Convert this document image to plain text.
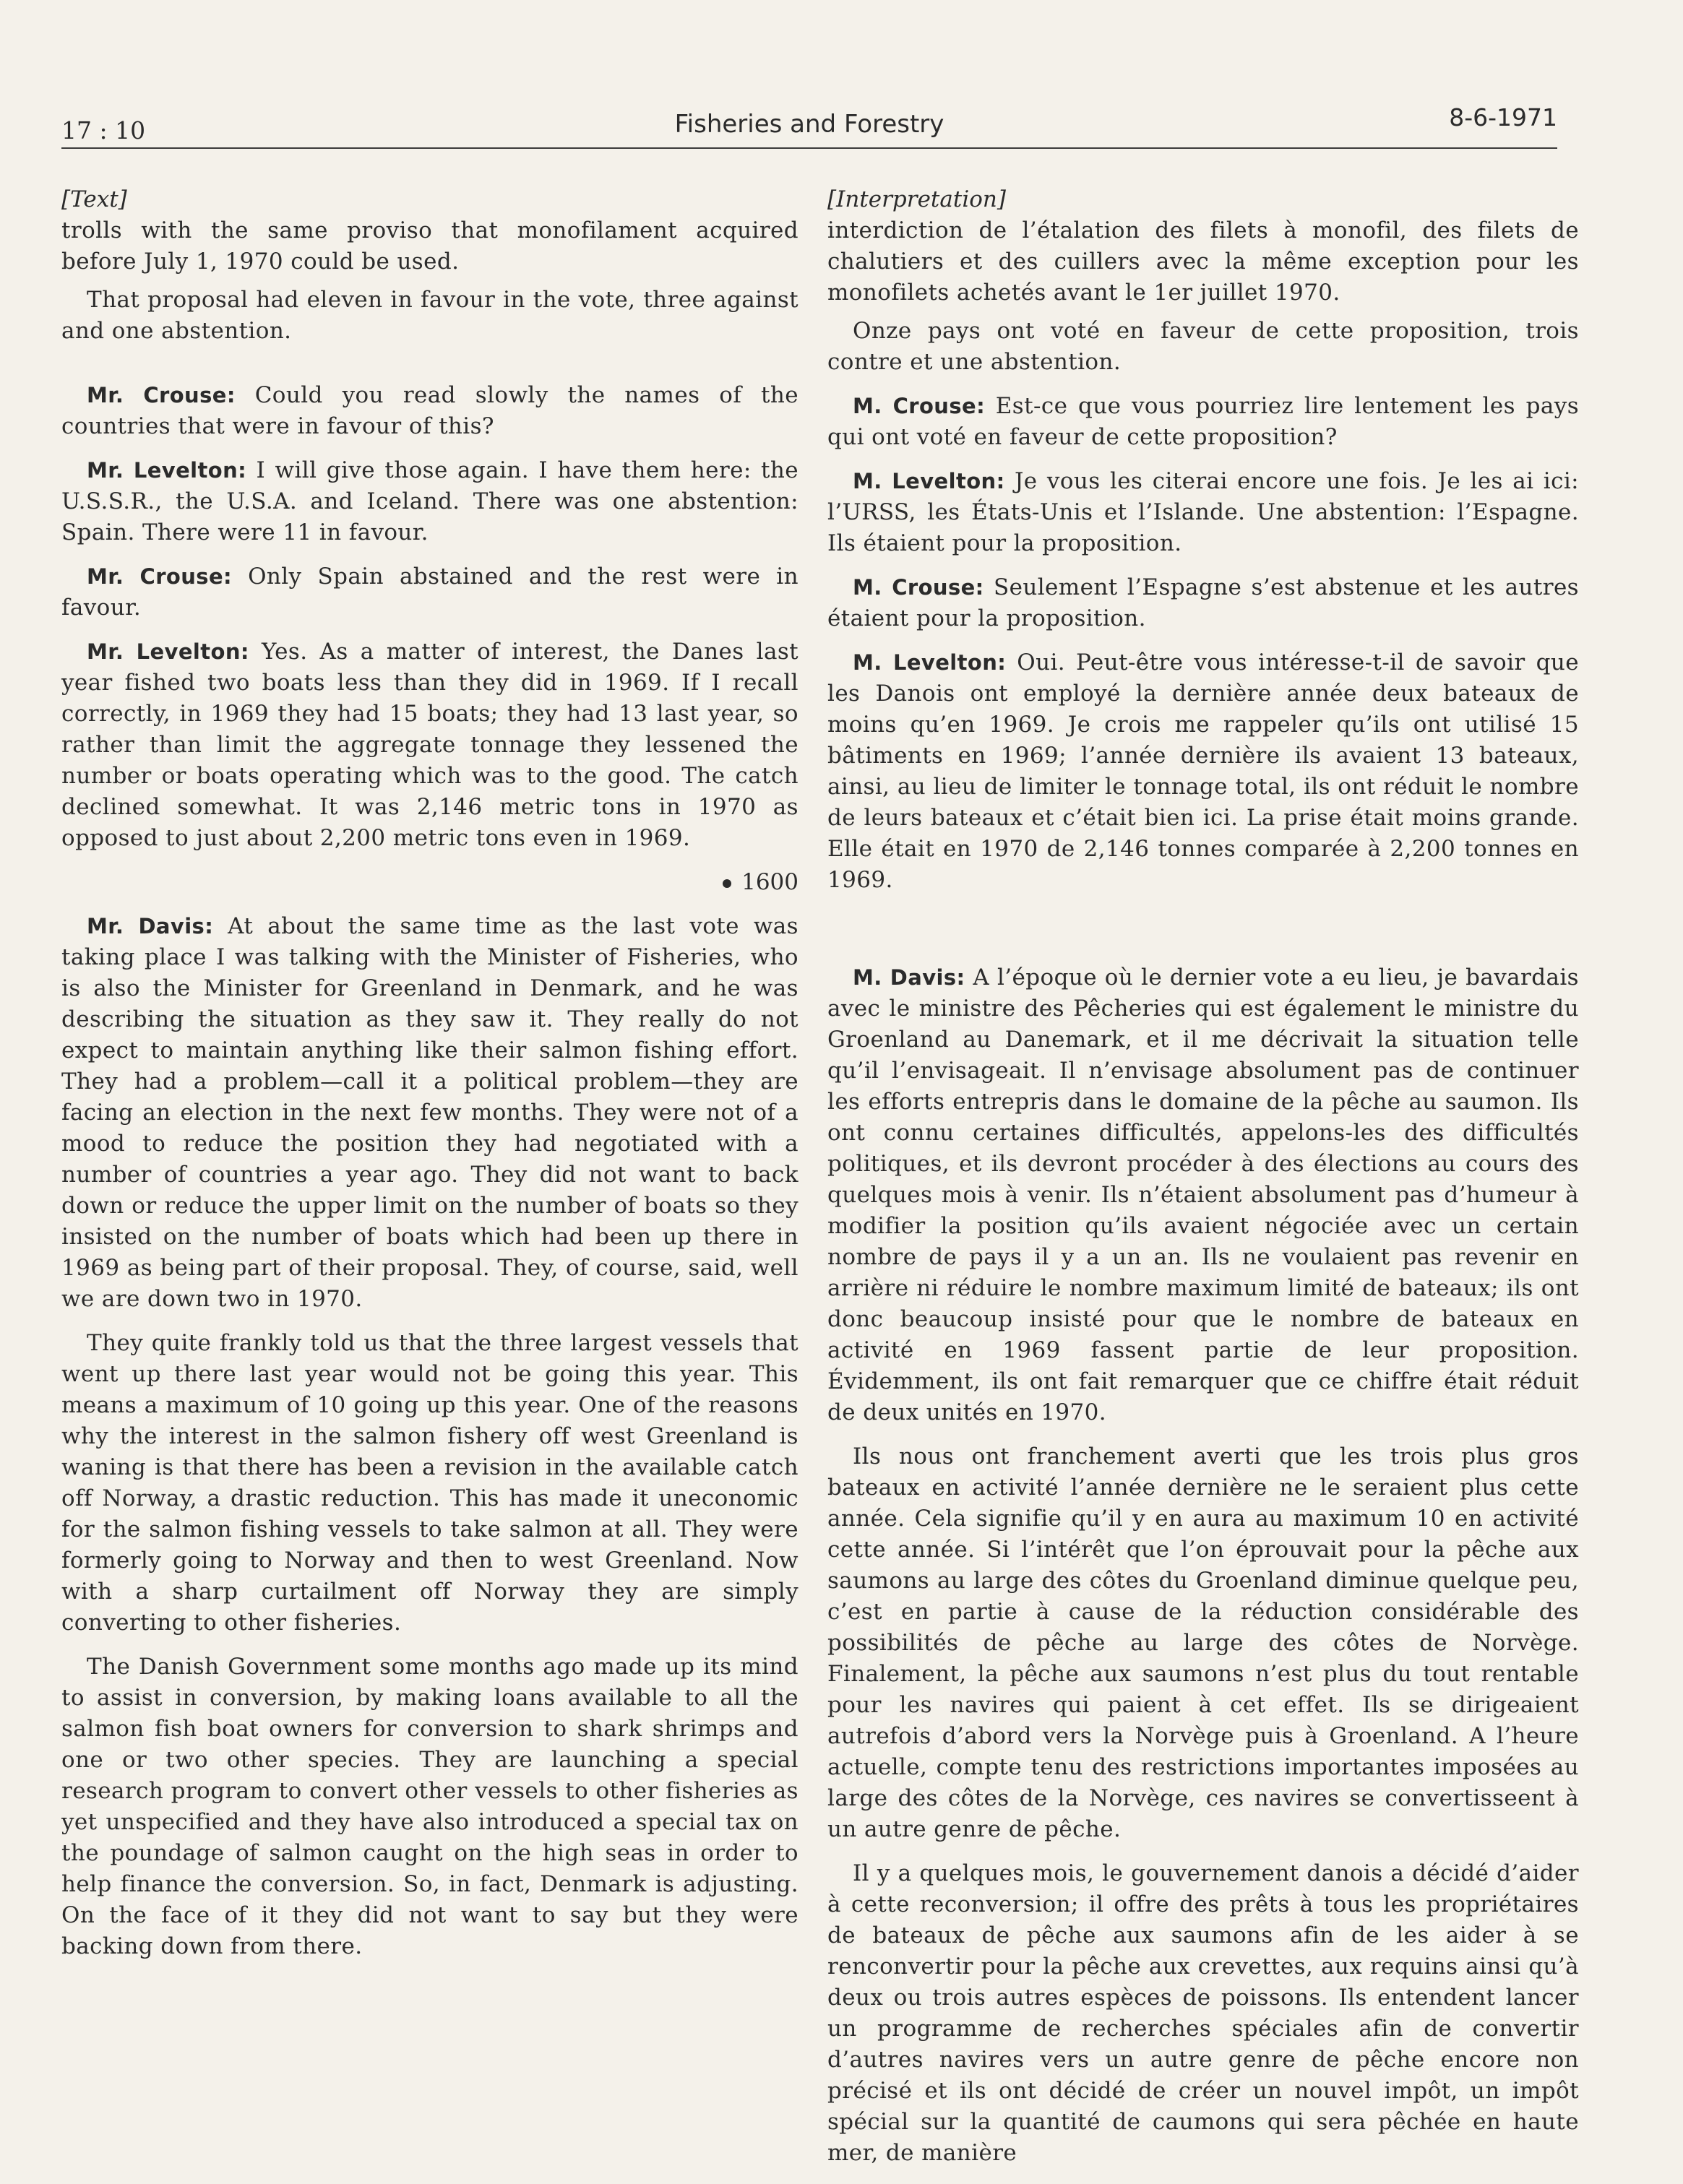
17 : 10	Fisheries and Forestry	8-6-1971
[Text]

trolls with the same proviso that monofilament acquired before July 1, 1970 could be used.

That proposal had eleven in favour in the vote, three against and one abstention.

Mr. Crouse: Could you read slowly the names of the countries that were in favour of this?

Mr. Levelton: I will give those again. I have them here: the U.S.S.R., the U.S.A. and Iceland. There was one abstention: Spain. There were 11 in favour.

Mr. Crouse: Only Spain abstained and the rest were in favour.

Mr. Levelton: Yes. As a matter of interest, the Danes last year fished two boats less than they did in 1969. If I recall correctly, in 1969 they had 15 boats; they had 13 last year, so rather than limit the aggregate tonnage they lessened the number or boats operating which was to the good. The catch declined somewhat. It was 2,146 metric tons in 1970 as opposed to just about 2,200 metric tons even in 1969.

1600

Mr. Davis: At about the same time as the last vote was taking place I was talking with the Minister of Fisheries, who is also the Minister for Greenland in Denmark, and he was describing the situation as they saw it. They really do not expect to maintain anything like their salmon fishing effort. They had a problem—call it a political problem—they are facing an election in the next few months. They were not of a mood to reduce the position they had negotiated with a number of countries a year ago. They did not want to back down or reduce the upper limit on the number of boats so they insisted on the number of boats which had been up there in 1969 as being part of their proposal. They, of course, said, well we are down two in 1970.

They quite frankly told us that the three largest vessels that went up there last year would not be going this year. This means a maximum of 10 going up this year. One of the reasons why the interest in the salmon fishery off west Greenland is waning is that there has been a revision in the available catch off Norway, a drastic reduction. This has made it uneconomic for the salmon fishing vessels to take salmon at all. They were formerly going to Norway and then to west Greenland. Now with a sharp curtailment off Norway they are simply converting to other fisheries.

The Danish Government some months ago made up its mind to assist in conversion, by making loans available to all the salmon fish boat owners for conversion to shark shrimps and one or two other species. They are launching a special research program to convert other vessels to other fisheries as yet unspecified and they have also introduced a special tax on the poundage of salmon caught on the high seas in order to help finance the conversion. So, in fact, Denmark is adjusting. On the face of it they did not want to say but they were backing down from there.

[Interpretation]

interdiction de l’étalation des filets à monofil, des filets de chalutiers et des cuillers avec la même exception pour les monofilets achetés avant le 1er juillet 1970.

Onze pays ont voté en faveur de cette proposition, trois contre et une abstention.

M. Crouse: Est-ce que vous pourriez lire lentement les pays qui ont voté en faveur de cette proposition?

M. Levelton: Je vous les citerai encore une fois. Je les ai ici: l’URSS, les États-Unis et l’Islande. Une abstention: l’Espagne. Ils étaient pour la proposition.

M. Crouse: Seulement l’Espagne s’est abstenue et les autres étaient pour la proposition.

M. Levelton: Oui. Peut-être vous intéresse-t-il de savoir que les Danois ont employé la dernière année deux bateaux de moins qu’en 1969. Je crois me rappeler qu’ils ont utilisé 15 bâtiments en 1969; l’année dernière ils avaient 13 bateaux, ainsi, au lieu de limiter le tonnage total, ils ont réduit le nombre de leurs bateaux et c’était bien ici. La prise était moins grande. Elle était en 1970 de 2,146 tonnes comparée à 2,200 tonnes en 1969.

M. Davis: A l’époque où le dernier vote a eu lieu, je bavardais avec le ministre des Pêcheries qui est également le ministre du Groenland au Danemark, et il me décrivait la situation telle qu’il l’envisageait. Il n’envisage absolument pas de continuer les efforts entrepris dans le domaine de la pêche au saumon. Ils ont connu certaines difficultés, appelons-les des difficultés politiques, et ils devront procéder à des élections au cours des quelques mois à venir. Ils n’étaient absolument pas d’humeur à modifier la position qu’ils avaient négociée avec un certain nombre de pays il y a un an. Ils ne voulaient pas revenir en arrière ni réduire le nombre maximum limité de bateaux; ils ont donc beaucoup insisté pour que le nombre de bateaux en activité en 1969 fassent partie de leur proposition. Évidemment, ils ont fait remarquer que ce chiffre était réduit de deux unités en 1970.

Ils nous ont franchement averti que les trois plus gros bateaux en activité l’année dernière ne le seraient plus cette année. Cela signifie qu’il y en aura au maximum 10 en activité cette année. Si l’intérêt que l’on éprouvait pour la pêche aux saumons au large des côtes du Groenland diminue quelque peu, c’est en partie à cause de la réduction considérable des possibilités de pêche au large des côtes de Norvège. Finalement, la pêche aux saumons n’est plus du tout rentable pour les navires qui paient à cet effet. Ils se dirigeaient autrefois d’abord vers la Norvège puis à Groenland. A l’heure actuelle, compte tenu des restrictions importantes imposées au large des côtes de la Norvège, ces navires se convertisseent à un autre genre de pêche.

Il y a quelques mois, le gouvernement danois a décidé d’aider à cette reconversion; il offre des prêts à tous les propriétaires de bateaux de pêche aux saumons afin de les aider à se renconvertir pour la pêche aux crevettes, aux requins ainsi qu’à deux ou trois autres espèces de poissons. Ils entendent lancer un programme de recherches spéciales afin de convertir d’autres navires vers un autre genre de pêche encore non précisé et ils ont décidé de créer un nouvel impôt, un impôt spécial sur la quantité de caumons qui sera pêchée en haute mer, de manière
